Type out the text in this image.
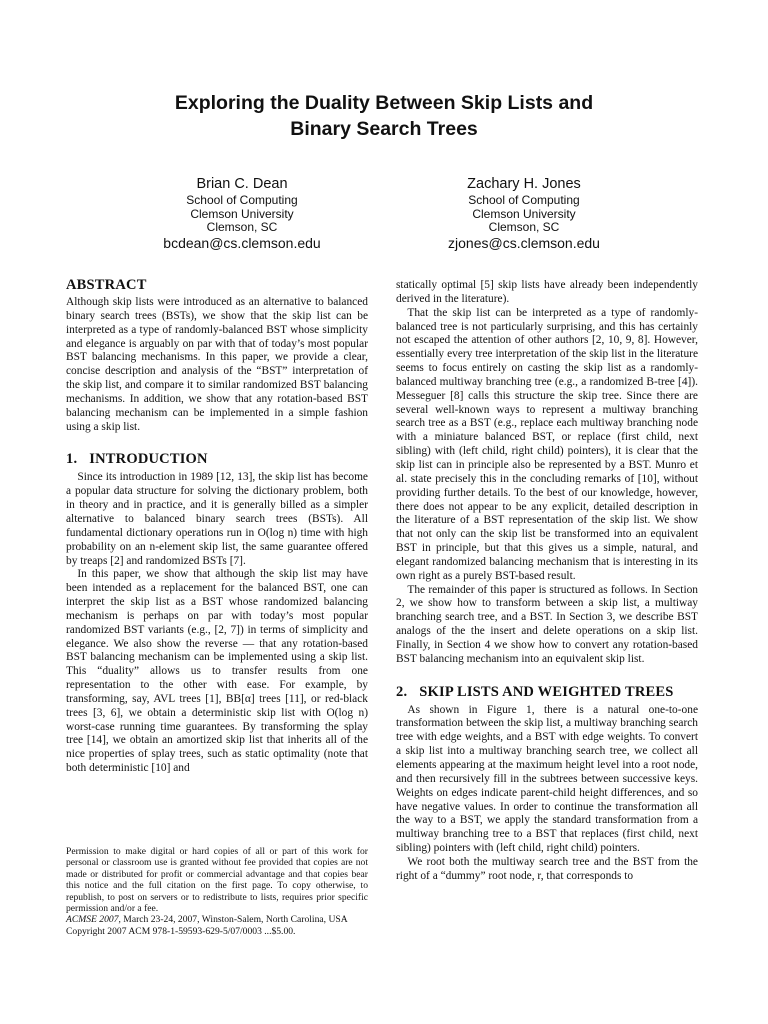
Exploring the Duality Between Skip Lists and
Binary Search Trees
Brian C. Dean
School of Computing
Clemson University
Clemson, SC
bcdean@cs.clemson.edu
Zachary H. Jones
School of Computing
Clemson University
Clemson, SC
zjones@cs.clemson.edu
ABSTRACT

Although skip lists were introduced as an alternative to balanced binary search trees (BSTs), we show that the skip list can be interpreted as a type of randomly-balanced BST whose simplicity and elegance is arguably on par with that of today’s most popular BST balancing mechanisms. In this paper, we provide a clear, concise description and analysis of the “BST” interpretation of the skip list, and compare it to similar randomized BST balancing mechanisms. In addition, we show that any rotation-based BST balancing mechanism can be implemented in a simple fashion using a skip list.

1. INTRODUCTION

Since its introduction in 1989 [12, 13], the skip list has become a popular data structure for solving the dictionary problem, both in theory and in practice, and it is generally billed as a simpler alternative to balanced binary search trees (BSTs). All fundamental dictionary operations run in O(log n) time with high probability on an n-element skip list, the same guarantee offered by treaps [2] and randomized BSTs [7].

In this paper, we show that although the skip list may have been intended as a replacement for the balanced BST, one can interpret the skip list as a BST whose randomized balancing mechanism is perhaps on par with today’s most popular randomized BST variants (e.g., [2, 7]) in terms of simplicity and elegance. We also show the reverse — that any rotation-based BST balancing mechanism can be implemented using a skip list. This “duality” allows us to transfer results from one representation to the other with ease. For example, by transforming, say, AVL trees [1], BB[α] trees [11], or red-black trees [3, 6], we obtain a deterministic skip list with O(log n) worst-case running time guarantees. By transforming the splay tree [14], we obtain an amortized skip list that inherits all of the nice properties of splay trees, such as static optimality (note that both deterministic [10] and

statically optimal [5] skip lists have already been independently derived in the literature).

That the skip list can be interpreted as a type of randomly-balanced tree is not particularly surprising, and this has certainly not escaped the attention of other authors [2, 10, 9, 8]. However, essentially every tree interpretation of the skip list in the literature seems to focus entirely on casting the skip list as a randomly-balanced multiway branching tree (e.g., a randomized B-tree [4]). Messeguer [8] calls this structure the skip tree. Since there are several well-known ways to represent a multiway branching search tree as a BST (e.g., replace each multiway branching node with a miniature balanced BST, or replace (first child, next sibling) with (left child, right child) pointers), it is clear that the skip list can in principle also be represented by a BST. Munro et al. state precisely this in the concluding remarks of [10], without providing further details. To the best of our knowledge, however, there does not appear to be any explicit, detailed description in the literature of a BST representation of the skip list. We show that not only can the skip list be transformed into an equivalent BST in principle, but that this gives us a simple, natural, and elegant randomized balancing mechanism that is interesting in its own right as a purely BST-based result.

The remainder of this paper is structured as follows. In Section 2, we show how to transform between a skip list, a multiway branching search tree, and a BST. In Section 3, we describe BST analogs of the the insert and delete operations on a skip list. Finally, in Section 4 we show how to convert any rotation-based BST balancing mechanism into an equivalent skip list.

2. SKIP LISTS AND WEIGHTED TREES

As shown in Figure 1, there is a natural one-to-one transformation between the skip list, a multiway branching search tree with edge weights, and a BST with edge weights. To convert a skip list into a multiway branching search tree, we collect all elements appearing at the maximum height level into a root node, and then recursively fill in the subtrees between successive keys. Weights on edges indicate parent-child height differences, and so have negative values. In order to continue the transformation all the way to a BST, we apply the standard transformation from a multiway branching tree to a BST that replaces (first child, next sibling) pointers with (left child, right child) pointers.

We root both the multiway search tree and the BST from the right of a “dummy” root node, r, that corresponds to

Permission to make digital or hard copies of all or part of this work for personal or classroom use is granted without fee provided that copies are not made or distributed for profit or commercial advantage and that copies bear this notice and the full citation on the first page. To copy otherwise, to republish, to post on servers or to redistribute to lists, requires prior specific permission and/or a fee.

ACMSE 2007, March 23-24, 2007, Winston-Salem, North Carolina, USA

Copyright 2007 ACM 978-1-59593-629-5/07/0003 ...$5.00.
